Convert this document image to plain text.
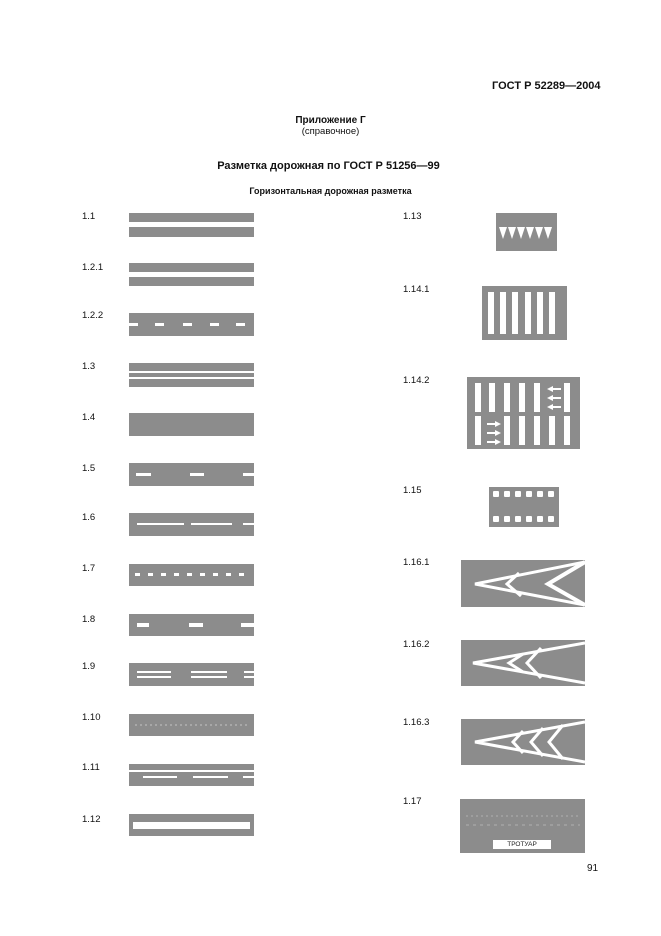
ГОСТ Р 52289—2004
Приложение Г
(справочное)
Разметка дорожная по ГОСТ Р 51256—99
Горизонтальная дорожная разметка
1.1
1.2.1
1.2.2
1.3
1.4
1.5
1.6
1.7
1.8
1.9
1.10
1.11
1.12
1.13
1.14.1
1.14.2
1.15
1.16.1
1.16.2
1.16.3
1.17
ТРОТУАР
91
